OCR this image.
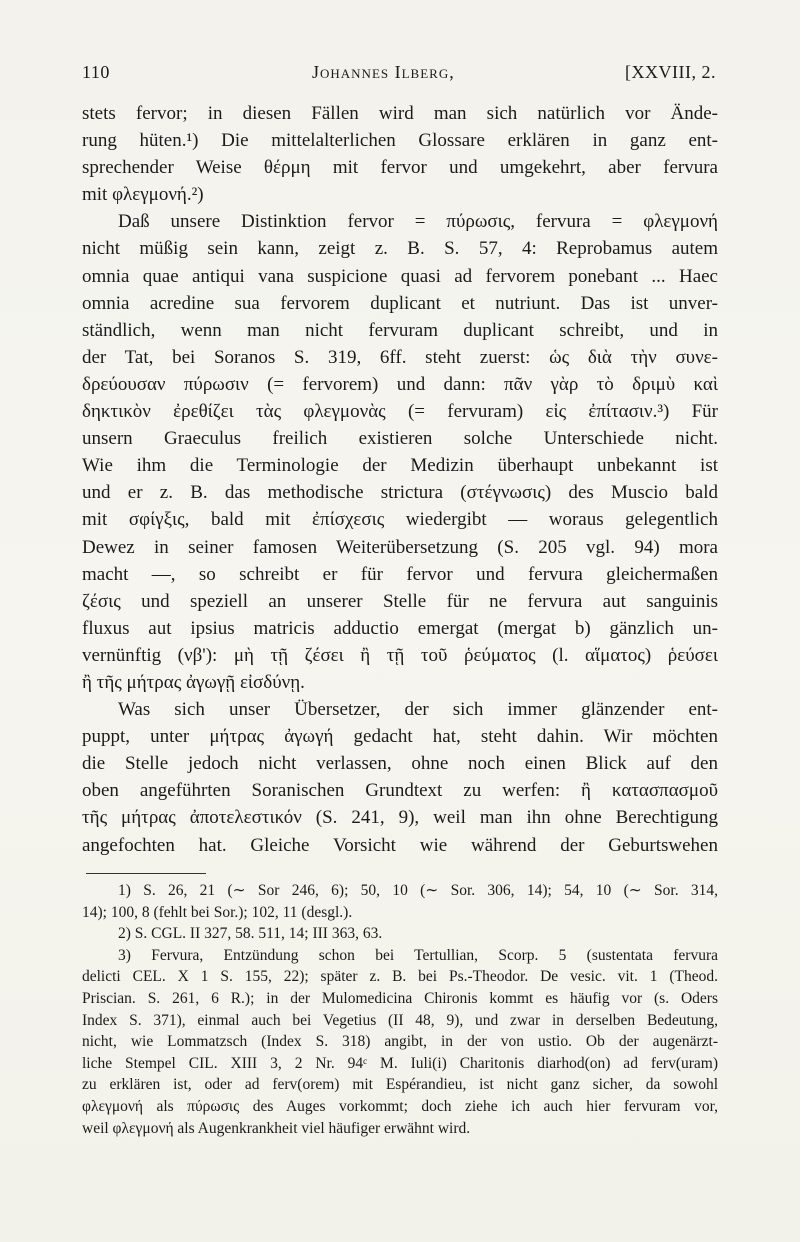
110	Johannes Ilberg,	[XXVIII, 2.
stets fervor; in diesen Fällen wird man sich natürlich vor Ände-
rung hüten.¹) Die mittelalterlichen Glossare erklären in ganz ent-
sprechender Weise θέρμη mit fervor und umgekehrt, aber fervura
mit φλεγμονή.²)
Daß unsere Distinktion fervor = πύρωσις, fervura = φλεγμονή
nicht müßig sein kann, zeigt z. B. S. 57, 4: Reprobamus autem
omnia quae antiqui vana suspicione quasi ad fervorem ponebant ... Haec
omnia acredine sua fervorem duplicant et nutriunt. Das ist unver-
ständlich, wenn man nicht fervuram duplicant schreibt, und in
der Tat, bei Soranos S. 319, 6ff. steht zuerst: ὡς διὰ τὴν συνε-
δρεύουσαν πύρωσιν (= fervorem) und dann: πᾶν γὰρ τὸ δριμὺ καὶ
δηκτικὸν ἐρεθίζει τὰς φλεγμονὰς (= fervuram) εἰς ἐπίτασιν.³) Für
unsern Graeculus freilich existieren solche Unterschiede nicht.
Wie ihm die Terminologie der Medizin überhaupt unbekannt ist
und er z. B. das methodische strictura (στέγνωσις) des Muscio bald
mit σφίγξις, bald mit ἐπίσχεσις wiedergibt — woraus gelegentlich
Dewez in seiner famosen Weiterübersetzung (S. 205 vgl. 94) mora
macht —, so schreibt er für fervor und fervura gleichermaßen
ζέσις und speziell an unserer Stelle für ne fervura aut sanguinis
fluxus aut ipsius matricis adductio emergat (mergat b) gänzlich un-
vernünftig (νβ'): μὴ τῇ ζέσει ἢ τῇ τοῦ ῥεύματος (l. αἵματος) ῥεύσει
ἢ τῆς μήτρας ἀγωγῇ εἰσδύνῃ.
Was sich unser Übersetzer, der sich immer glänzender ent-
puppt, unter μήτρας ἀγωγή gedacht hat, steht dahin. Wir möchten
die Stelle jedoch nicht verlassen, ohne noch einen Blick auf den
oben angeführten Soranischen Grundtext zu werfen: ἢ κατασπασμοῦ
τῆς μήτρας ἀποτελεστικόν (S. 241, 9), weil man ihn ohne Berechtigung
angefochten hat. Gleiche Vorsicht wie während der Geburtswehen
1) S. 26, 21 (∼ Sor 246, 6); 50, 10 (∼ Sor. 306, 14); 54, 10 (∼ Sor. 314,
14); 100, 8 (fehlt bei Sor.); 102, 11 (desgl.).
2) S. CGL. II 327, 58. 511, 14; III 363, 63.
3) Fervura, Entzündung schon bei Tertullian, Scorp. 5 (sustentata fervura
delicti CEL. X 1 S. 155, 22); später z. B. bei Ps.-Theodor. De vesic. vit. 1 (Theod.
Priscian. S. 261, 6 R.); in der Mulomedicina Chironis kommt es häufig vor (s. Oders
Index S. 371), einmal auch bei Vegetius (II 48, 9), und zwar in derselben Bedeutung,
nicht, wie Lommatzsch (Index S. 318) angibt, in der von ustio. Ob der augenärzt-
liche Stempel CIL. XIII 3, 2 Nr. 94ᶜ M. Iuli(i) Charitonis diarhod(on) ad ferv(uram)
zu erklären ist, oder ad ferv(orem) mit Espérandieu, ist nicht ganz sicher, da sowohl
φλεγμονή als πύρωσις des Auges vorkommt; doch ziehe ich auch hier fervuram vor,
weil φλεγμονή als Augenkrankheit viel häufiger erwähnt wird.
